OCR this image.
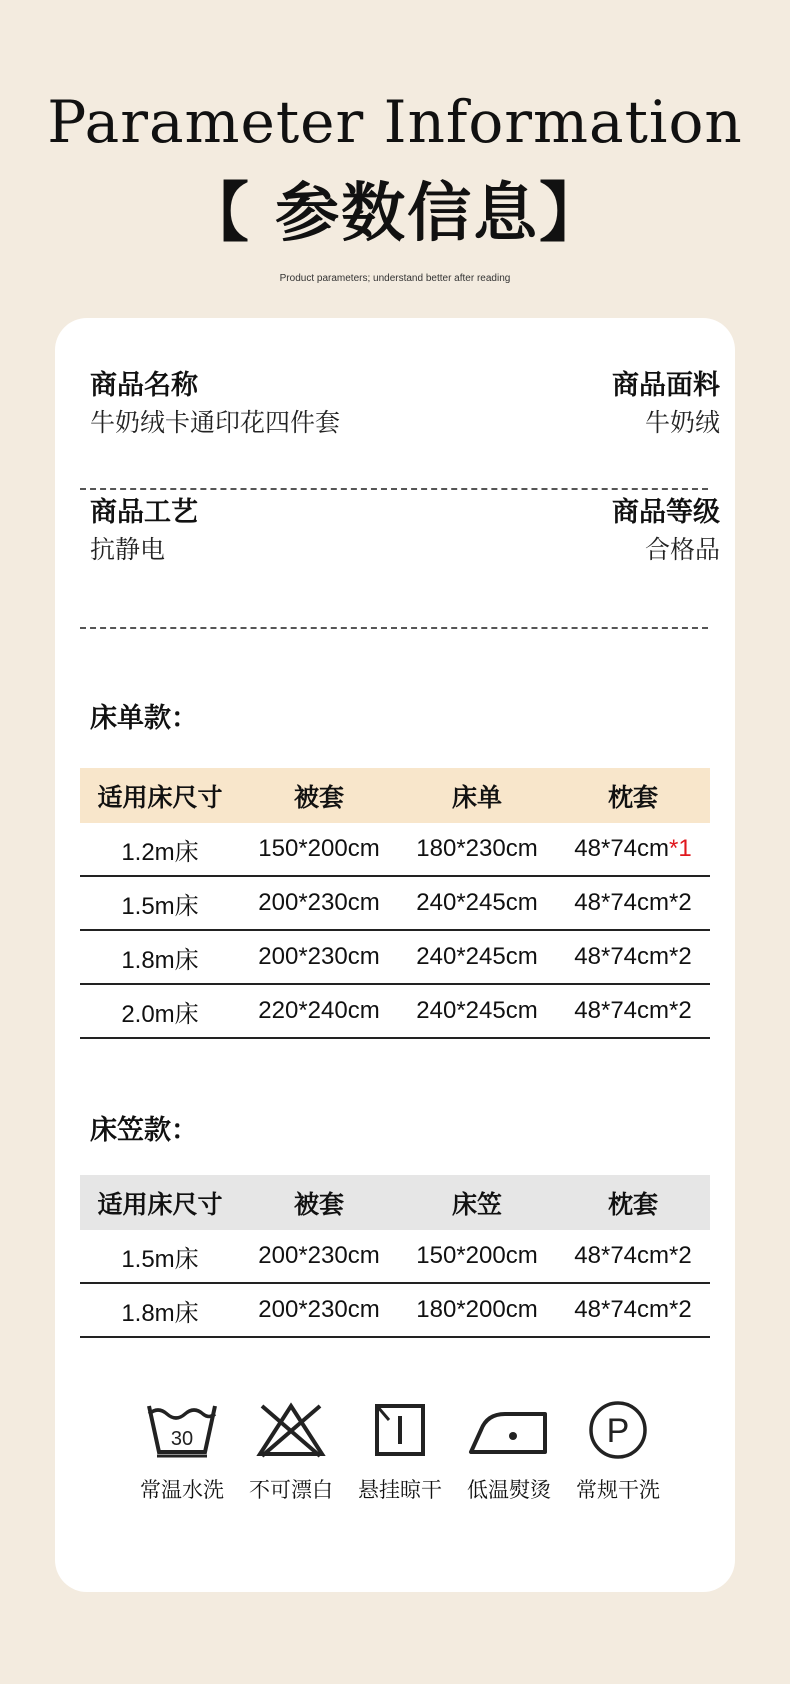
Parameter Information
【 参数信息】
Product parameters; understand better after reading
商品名称
牛奶绒卡通印花四件套
商品面料
牛奶绒
商品工艺
抗静电
商品等级
合格品
床单款：
适用床尺寸	被套	床单	枕套
1.2m床	150*200cm	180*230cm	48*74cm*1
1.5m床	200*230cm	240*245cm	48*74cm*2
1.8m床	200*230cm	240*245cm	48*74cm*2
2.0m床	220*240cm	240*245cm	48*74cm*2
床笠款：
适用床尺寸	被套	床笠	枕套
1.5m床	200*230cm	150*200cm	48*74cm*2
1.8m床	200*230cm	180*200cm	48*74cm*2
30
常温水洗	不可漂白	悬挂晾干	低温熨烫
P
常规干洗
